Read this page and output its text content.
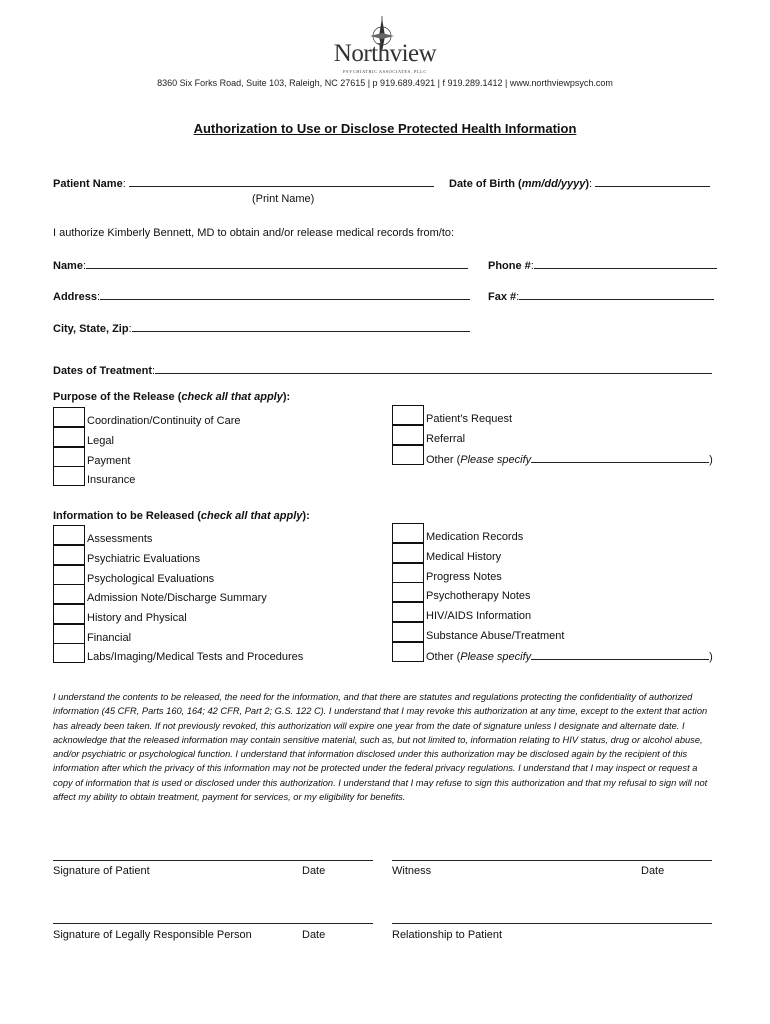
Northview
PSYCHIATRIC ASSOCIATES, PLLC
8360 Six Forks Road, Suite 103, Raleigh, NC 27615 | p 919.689.4921 | f 919.289.1412 | www.northviewpsych.com
Authorization to Use or Disclose Protected Health Information
Patient Name:	Date of Birth (mm/dd/yyyy):
(Print Name)
I authorize Kimberly Bennett, MD to obtain and/or release medical records from/to:
Name:	Phone #:
Address:	Fax #:
City, State, Zip:
Dates of Treatment:
Purpose of the Release (check all that apply):
Coordination/Continuity of Care
Legal
Payment
Insurance
Patient’s Request
Referral
Other (Please specify	)
Information to be Released (check all that apply):
Assessments
Psychiatric Evaluations
Psychological Evaluations
Admission Note/Discharge Summary
History and Physical
Financial
Labs/Imaging/Medical Tests and Procedures
Medication Records
Medical History
Progress Notes
Psychotherapy Notes
HIV/AIDS Information
Substance Abuse/Treatment
Other (Please specify	)
I understand the contents to be released, the need for the information, and that there are statutes and regulations protecting the confidentiality of authorized information (45 CFR, Parts 160, 164; 42 CFR, Part 2; G.S. 122 C). I understand that I may revoke this authorization at any time, except to the extent that action has already been taken. If not previously revoked, this authorization will expire one year from the date of signature unless I designate and alternate date. I acknowledge that the released information may contain sensitive material, such as, but not limited to, information relating to HIV status, drug or alcohol abuse, and/or psychiatric or psychological function. I understand that information disclosed under this authorization may be disclosed again by the recipient of this information after which the privacy of this information may not be protected under the federal privacy regulations. I understand that I may inspect or request a copy of information that is used or disclosed under this authorization. I understand that I may refuse to sign this authorization and that my refusal to sign will not affect my ability to obtain treatment, payment for services, or my eligibility for benefits.
Signature of Patient	Date	Witness	Date
Signature of Legally Responsible Person	Date	Relationship to Patient
